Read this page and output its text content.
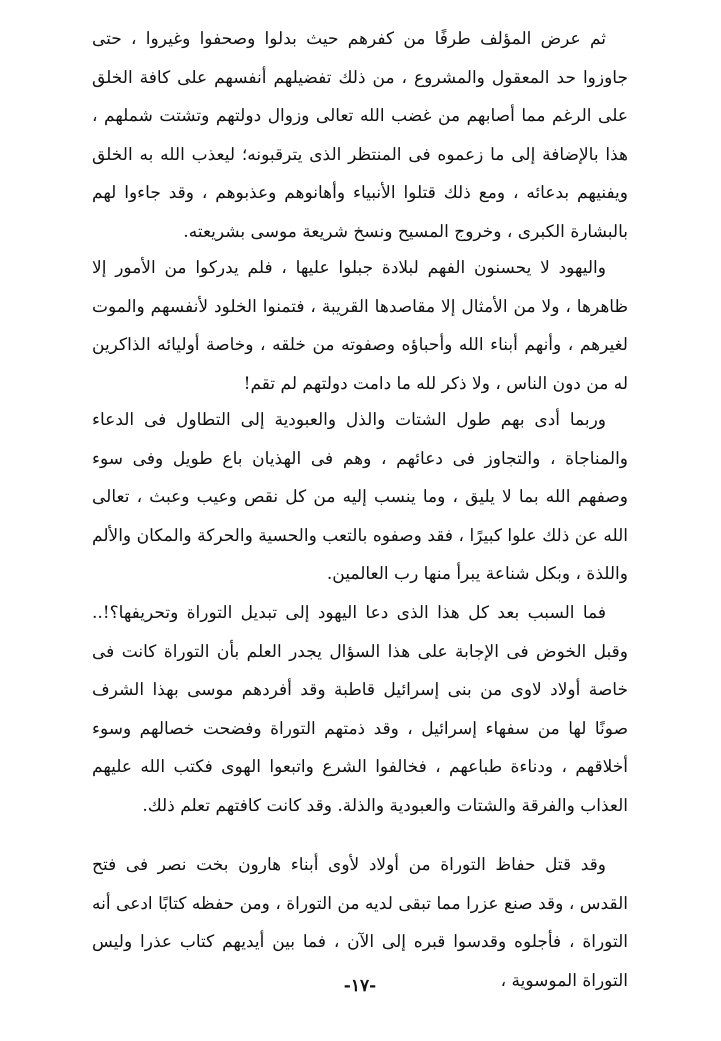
ثم عرض المؤلف طرفًا من كفرهم حيث بدلوا وصحفوا وغيروا ، حتى جاوزوا حد المعقول والمشروع ، من ذلك تفضيلهم أنفسهم على كافة الخلق على الرغم مما أصابهم من غضب الله تعالى وزوال دولتهم وتشتت شملهم ، هذا بالإضافة إلى ما زعموه فى المنتظر الذى يترقبونه؛ ليعذب الله به الخلق ويفنيهم بدعائه ، ومع ذلك قتلوا الأنبياء وأهانوهم وعذبوهم ، وقد جاءوا لهم بالبشارة الكبرى ، وخروج المسيح ونسخ شريعة موسى بشريعته.

واليهود لا يحسنون الفهم لبلادة جبلوا عليها ، فلم يدركوا من الأمور إلا ظاهرها ، ولا من الأمثال إلا مقاصدها القريبة ، فتمنوا الخلود لأنفسهم والموت لغيرهم ، وأنهم أبناء الله وأحباؤه وصفوته من خلقه ، وخاصة أوليائه الذاكرين له من دون الناس ، ولا ذكر لله ما دامت دولتهم لم تقم!

وربما أدى بهم طول الشتات والذل والعبودية إلى التطاول فى الدعاء والمناجاة ، والتجاوز فى دعائهم ، وهم فى الهذيان باع طويل وفى سوء وصفهم الله بما لا يليق ، وما ينسب إليه من كل نقص وعيب وعبث ، تعالى الله عن ذلك علوا كبيرًا ، فقد وصفوه بالتعب والحسية والحركة والمكان والألم واللذة ، وبكل شناعة يبرأ منها رب العالمين.

فما السبب بعد كل هذا الذى دعا اليهود إلى تبديل التوراة وتحريفها؟!.. وقبل الخوض فى الإجابة على هذا السؤال يجدر العلم بأن التوراة كانت فى خاصة أولاد لاوى من بنى إسرائيل قاطبة وقد أفردهم موسى بهذا الشرف صونًا لها من سفهاء إسرائيل ، وقد ذمتهم التوراة وفضحت خصالهم وسوء أخلاقهم ، ودناءة طباعهم ، فخالفوا الشرع واتبعوا الهوى فكتب الله عليهم العذاب والفرقة والشتات والعبودية والذلة. وقد كانت كافتهم تعلم ذلك.

وقد قتل حفاظ التوراة من أولاد لأوى أبناء هارون بخت نصر فى فتح القدس ، وقد صنع عزرا مما تبقى لديه من التوراة ، ومن حفظه كتابًا ادعى أنه التوراة ، فأجلوه وقدسوا قبره إلى الآن ، فما بين أيديهم كتاب عذرا وليس التوراة الموسوية ،

-١٧-
